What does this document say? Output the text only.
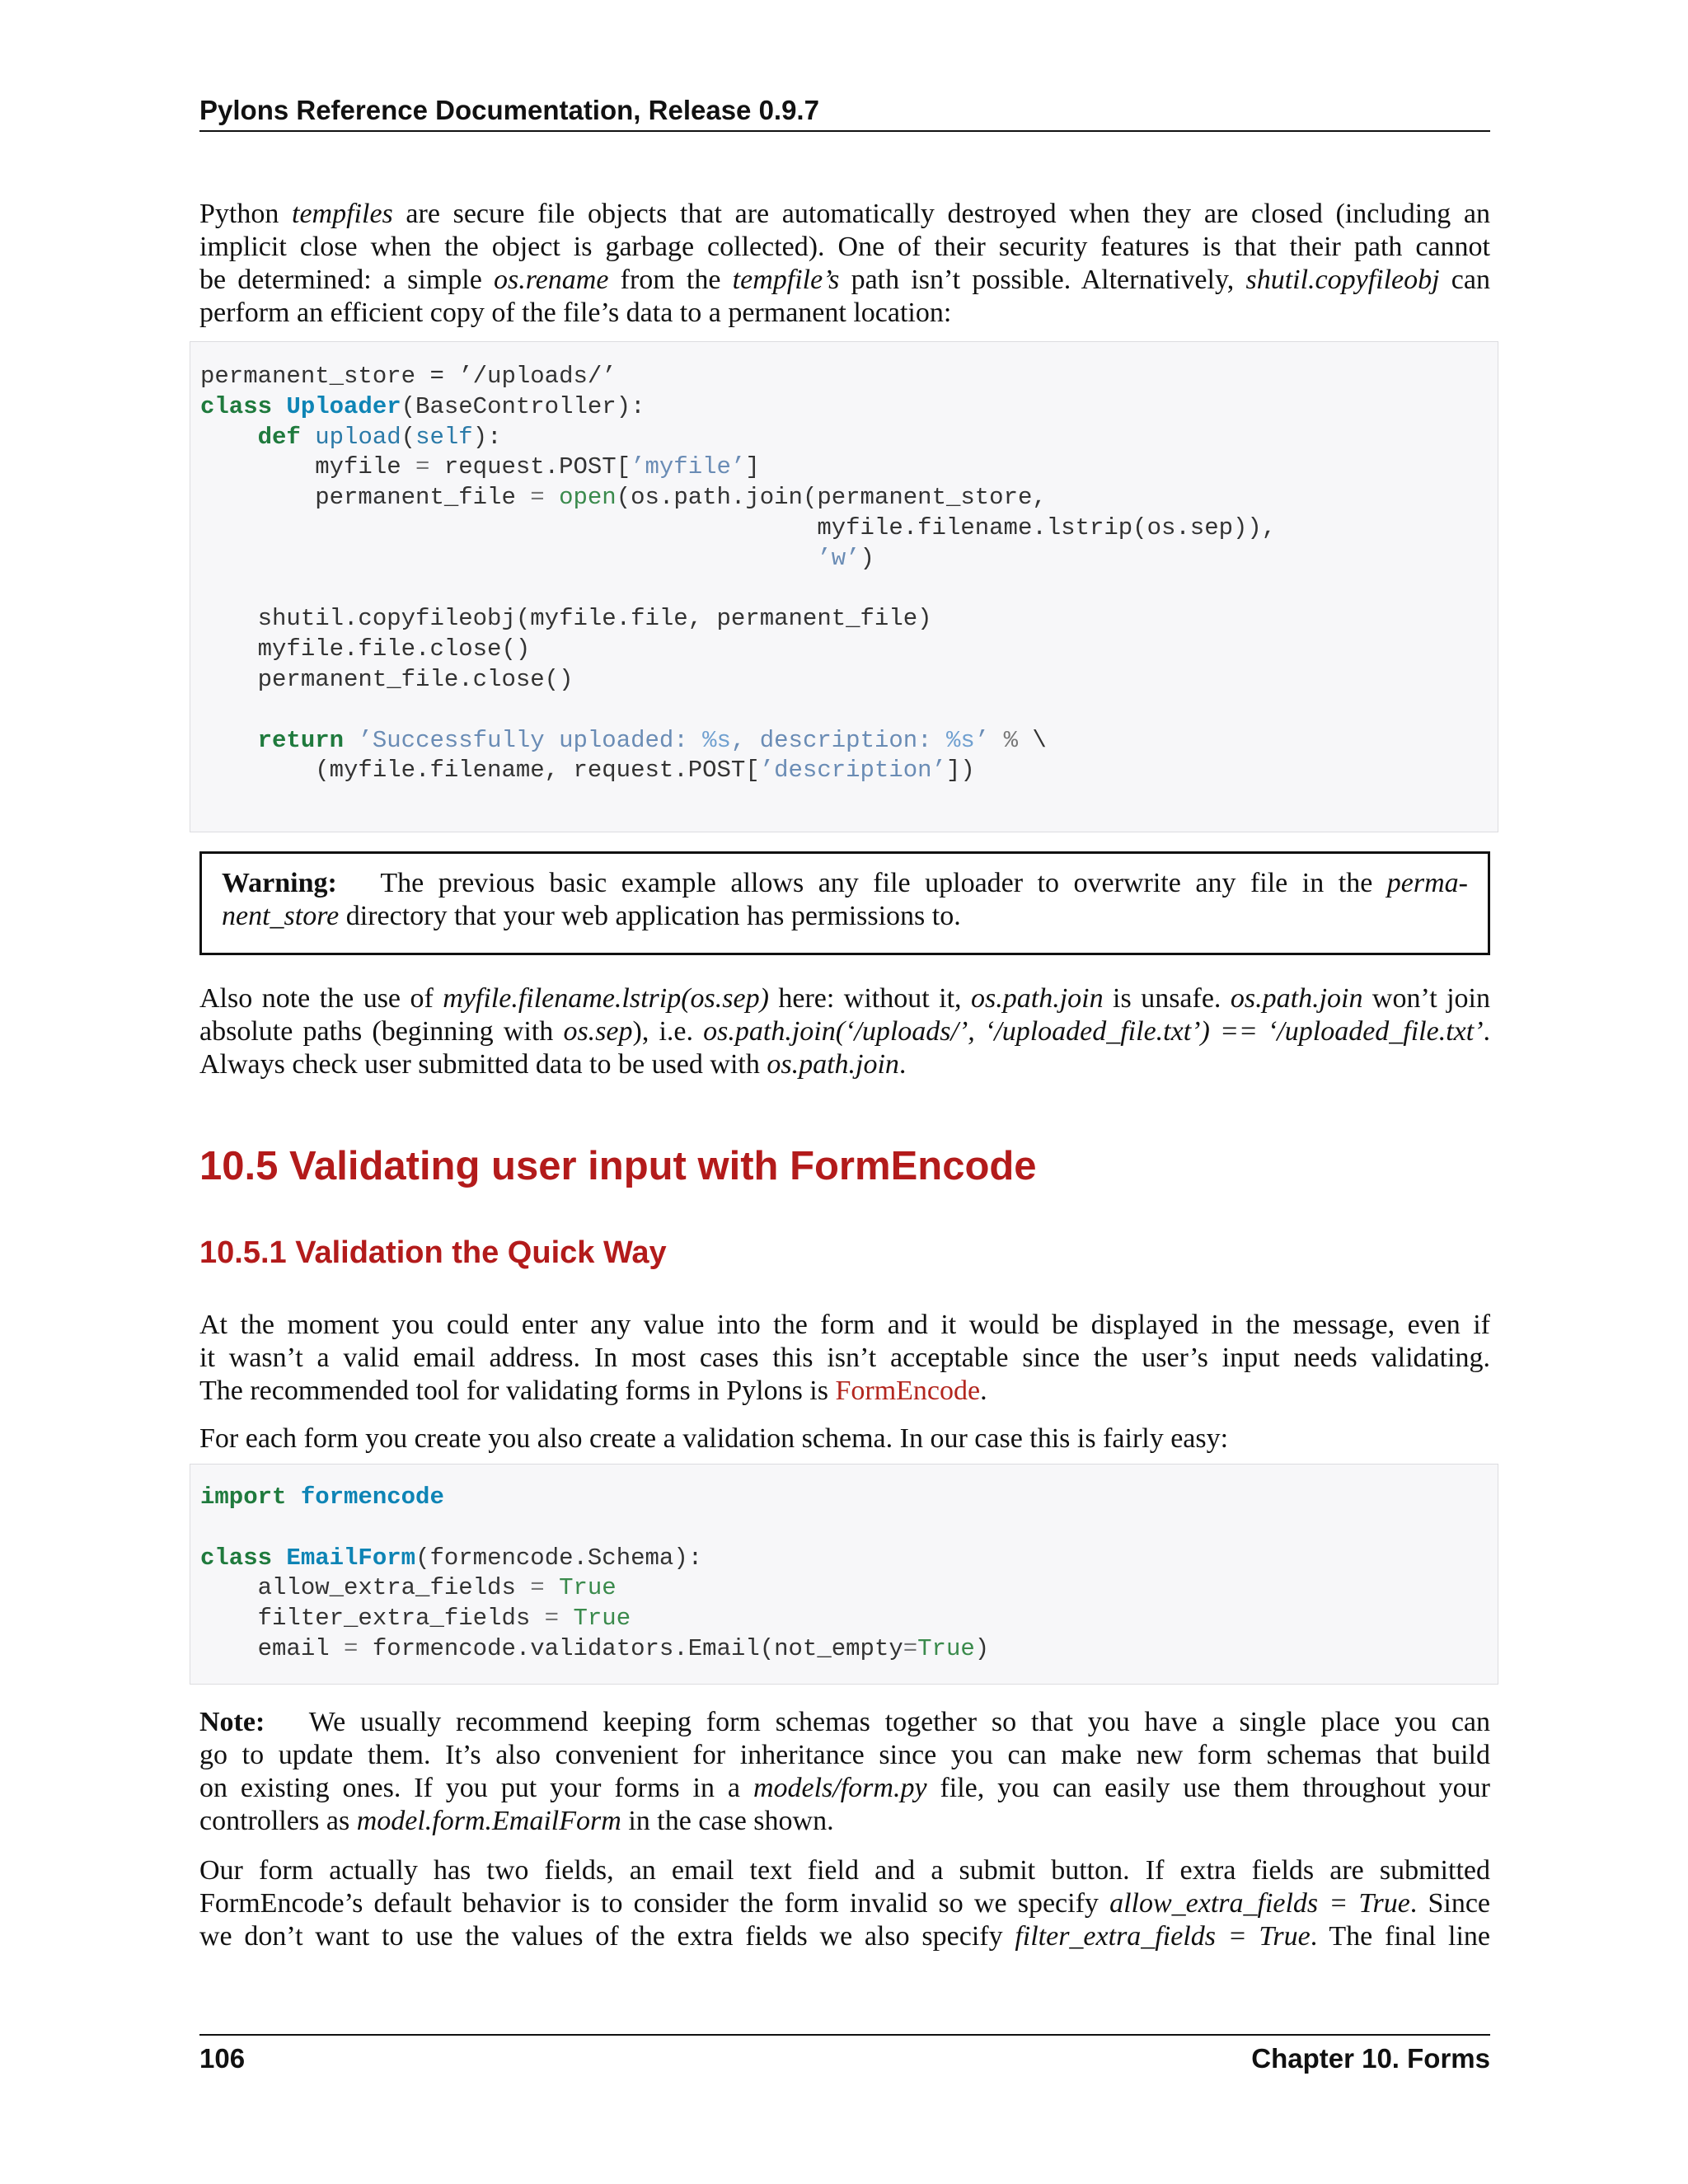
Pylons Reference Documentation, Release 0.9.7
Python tempfiles are secure file objects that are automatically destroyed when they are closed (including an
implicit close when the object is garbage collected). One of their security features is that their path cannot
be determined: a simple os.rename from the tempfile’s path isn’t possible. Alternatively, shutil.copyfileobj can
perform an efficient copy of the file’s data to a permanent location:
permanent_store = ’/uploads/’
class Uploader(BaseController):
def upload(self):
myfile = request.POST[’myfile’]
permanent_file = open(os.path.join(permanent_store,
myfile.filename.lstrip(os.sep)),
’w’)

shutil.copyfileobj(myfile.file, permanent_file)
myfile.file.close()
permanent_file.close()

return ’Successfully uploaded: %s, description: %s’ % \
(myfile.filename, request.POST[’description’])
Warning: The previous basic example allows any file uploader to overwrite any file in the perma-
nent_store directory that your web application has permissions to.
Also note the use of myfile.filename.lstrip(os.sep) here: without it, os.path.join is unsafe. os.path.join won’t join
absolute paths (beginning with os.sep), i.e. os.path.join(‘/uploads/’, ‘/uploaded_file.txt’) == ‘/uploaded_file.txt’.
Always check user submitted data to be used with os.path.join.
10.5 Validating user input with FormEncode
10.5.1 Validation the Quick Way
At the moment you could enter any value into the form and it would be displayed in the message, even if
it wasn’t a valid email address. In most cases this isn’t acceptable since the user’s input needs validating.
The recommended tool for validating forms in Pylons is FormEncode.
For each form you create you also create a validation schema. In our case this is fairly easy:
import formencode

class EmailForm(formencode.Schema):
allow_extra_fields = True
filter_extra_fields = True
email = formencode.validators.Email(not_empty=True)
Note: We usually recommend keeping form schemas together so that you have a single place you can
go to update them. It’s also convenient for inheritance since you can make new form schemas that build
on existing ones. If you put your forms in a models/form.py file, you can easily use them throughout your
controllers as model.form.EmailForm in the case shown.
Our form actually has two fields, an email text field and a submit button. If extra fields are submitted
FormEncode’s default behavior is to consider the form invalid so we specify allow_extra_fields = True. Since
we don’t want to use the values of the extra fields we also specify filter_extra_fields = True. The final line
106	Chapter 10. Forms
